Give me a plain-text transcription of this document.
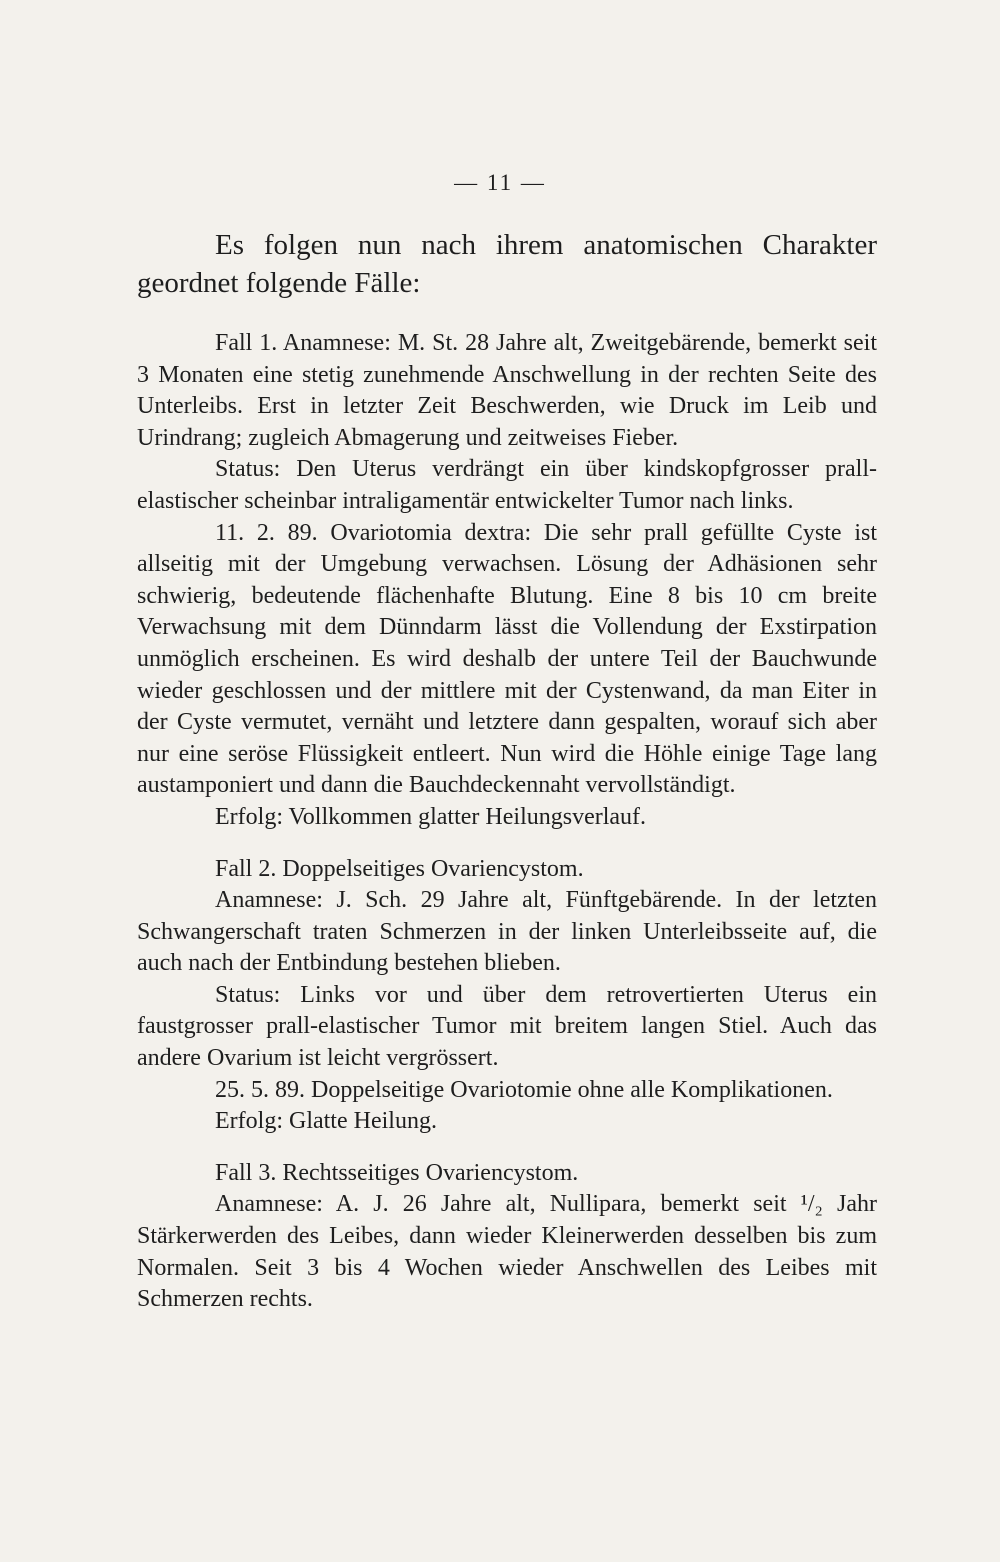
— 11 —

Es folgen nun nach ihrem anatomischen Charakter geordnet folgende Fälle:

Fall 1. Anamnese: M. St. 28 Jahre alt, Zweitgebärende, bemerkt seit 3 Monaten eine stetig zunehmende Anschwellung in der rechten Seite des Unterleibs. Erst in letzter Zeit Beschwerden, wie Druck im Leib und Urindrang; zugleich Abmagerung und zeitweises Fieber.

Status: Den Uterus verdrängt ein über kindskopfgrosser prall-elastischer scheinbar intraligamentär entwickelter Tumor nach links.

11. 2. 89. Ovariotomia dextra: Die sehr prall gefüllte Cyste ist allseitig mit der Umgebung verwachsen. Lösung der Adhäsionen sehr schwierig, bedeutende flächenhafte Blutung. Eine 8 bis 10 cm breite Verwachsung mit dem Dünndarm lässt die Vollendung der Exstirpation unmöglich erscheinen. Es wird deshalb der untere Teil der Bauchwunde wieder geschlossen und der mittlere mit der Cystenwand, da man Eiter in der Cyste vermutet, vernäht und letztere dann gespalten, worauf sich aber nur eine seröse Flüssigkeit entleert. Nun wird die Höhle einige Tage lang austamponiert und dann die Bauchdeckennaht vervollständigt.

Erfolg: Vollkommen glatter Heilungsverlauf.

Fall 2. Doppelseitiges Ovariencystom.

Anamnese: J. Sch. 29 Jahre alt, Fünftgebärende. In der letzten Schwangerschaft traten Schmerzen in der linken Unterleibsseite auf, die auch nach der Entbindung bestehen blieben.

Status: Links vor und über dem retrovertierten Uterus ein faustgrosser prall-elastischer Tumor mit breitem langen Stiel. Auch das andere Ovarium ist leicht vergrössert.

25. 5. 89. Doppelseitige Ovariotomie ohne alle Komplikationen.

Erfolg: Glatte Heilung.

Fall 3. Rechtsseitiges Ovariencystom.

Anamnese: A. J. 26 Jahre alt, Nullipara, bemerkt seit ¹/₂ Jahr Stärkerwerden des Leibes, dann wieder Kleinerwerden desselben bis zum Normalen. Seit 3 bis 4 Wochen wieder Anschwellen des Leibes mit Schmerzen rechts.
